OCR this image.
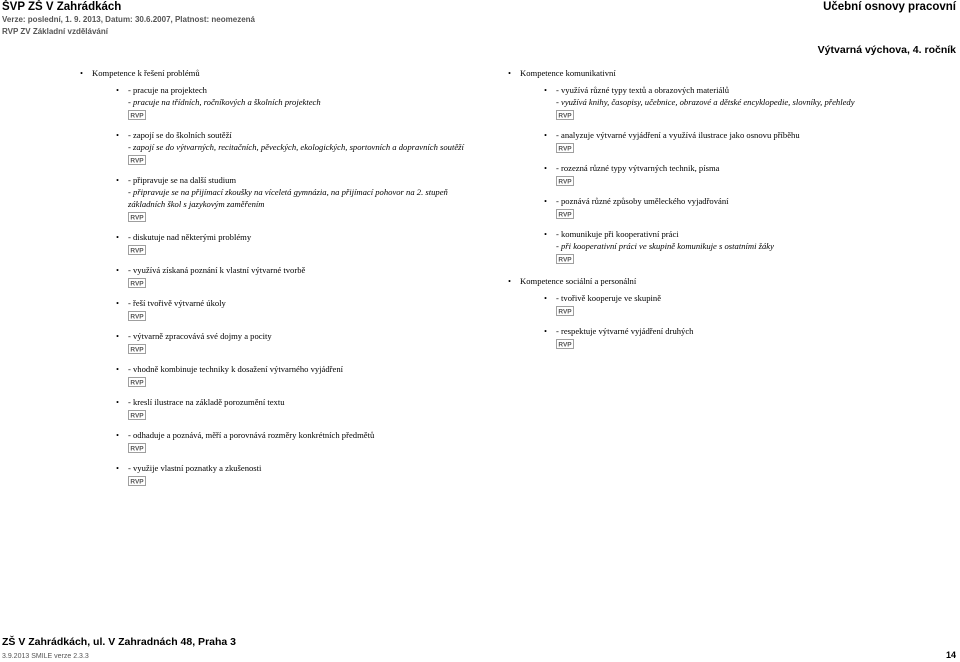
ŠVP ZŠ V Zahrádkách
Verze: poslední, 1. 9. 2013, Datum: 30.6.2007, Platnost: neomezená
RVP ZV Základní vzdělávání
Učební osnovy pracovní
Výtvarná výchova, 4. ročník
• Kompetence k řešení problémů
• - pracuje na projektech
- pracuje na třídních, ročníkových a školních projektech
RVP
• - zapojí se do školních soutěží
- zapojí se do výtvarných, recitačních, pěveckých, ekologických, sportovních a dopravních soutěží
RVP
• - připravuje se na další studium
- připravuje se na přijímací zkoušky na víceletá gymnázia, na přijímací pohovor na 2. stupeň základních škol s jazykovým zaměřením
RVP
• - diskutuje nad některými problémy
RVP
• - využívá získaná poznání k vlastní výtvarné tvorbě
RVP
• - řeší tvořivě výtvarné úkoly
RVP
• - výtvarně zpracovává své dojmy a pocity
RVP
• - vhodně kombinuje techniky k dosažení výtvarného vyjádření
RVP
• - kreslí ilustrace na základě porozumění textu
RVP
• - odhaduje a poznává, měří a porovnává rozměry konkrétních předmětů
RVP
• - využije vlastní poznatky a zkušenosti
RVP
• Kompetence komunikativní
• - využívá různé typy textů a obrazových materiálů
- využívá knihy, časopisy, učebnice, obrazové a dětské encyklopedie, slovníky, přehledy
RVP
• - analyzuje výtvarné vyjádření a využívá ilustrace jako osnovu příběhu
RVP
• - rozezná různé typy výtvarných technik, písma
RVP
• - poznává různé způsoby uměleckého vyjadřování
RVP
• - komunikuje při kooperativní práci
- při kooperativní práci ve skupině komunikuje s ostatními žáky
RVP
• Kompetence sociální a personální
• - tvořivě kooperuje ve skupině
RVP
• - respektuje výtvarné vyjádření druhých
RVP
ZŠ V Zahrádkách, ul. V Zahradnách 48, Praha 3
3.9.2013 SMILE verze 2.3.3	14
